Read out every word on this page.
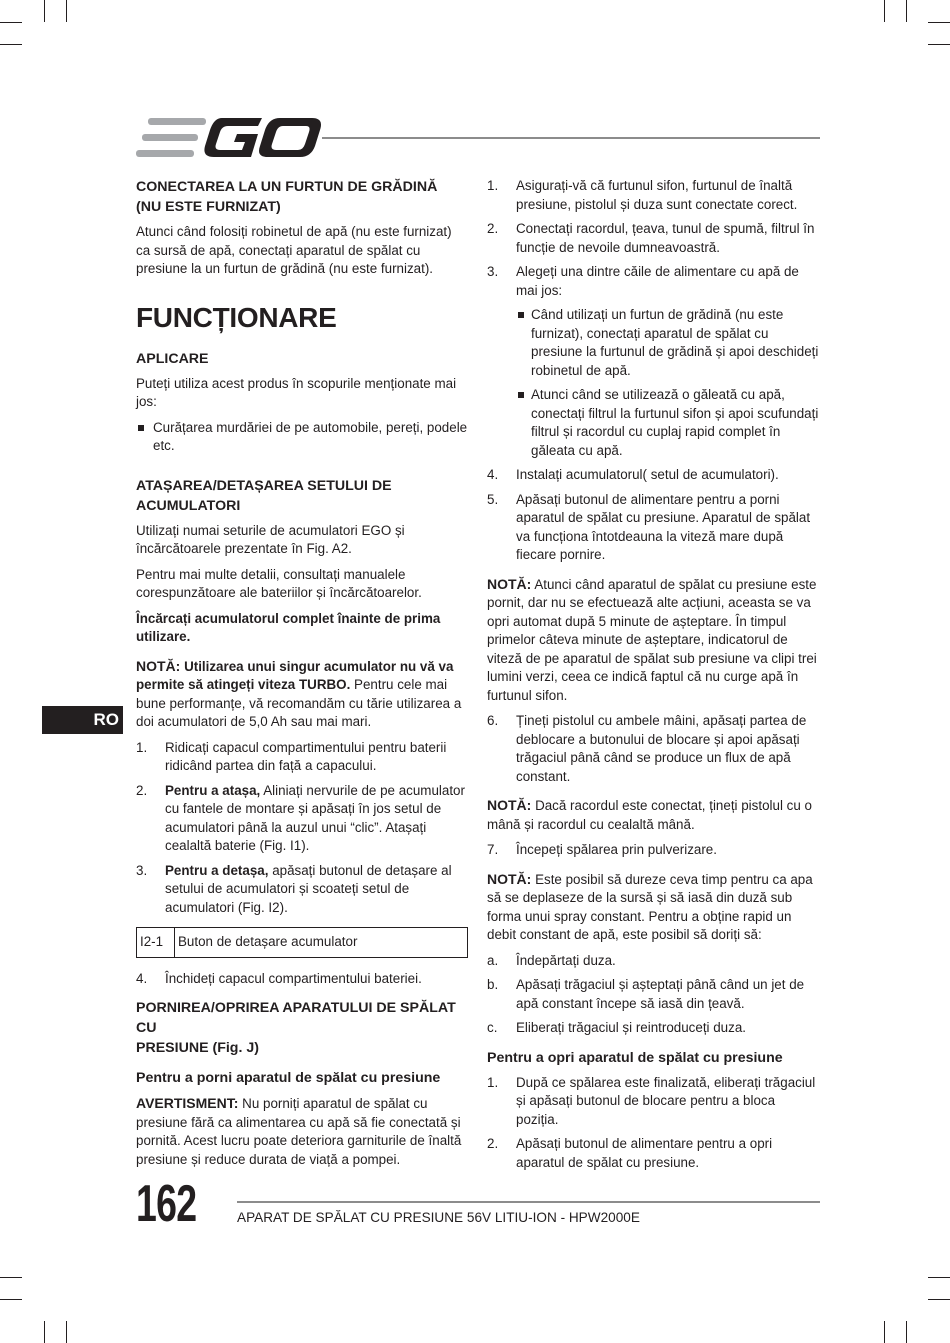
RO
CONECTAREA LA UN FURTUN DE GRĂDINĂ
(NU ESTE FURNIZAT)

Atunci când folosiți robinetul de apă (nu este furnizat) ca sursă de apă, conectați aparatul de spălat cu presiune la un furtun de grădină (nu este furnizat).

FUNCȚIONARE
APLICARE

Puteți utiliza acest produs în scopurile menționate mai jos:

Curățarea murdăriei de pe automobile, pereți, podele etc.
ATAȘAREA/DETAȘAREA SETULUI DE
ACUMULATORI

Utilizați numai seturile de acumulatori EGO și încărcătoarele prezentate în Fig. A2.

Pentru mai multe detalii, consultați manualele corespunzătoare ale bateriilor și încărcătoarelor.

Încărcați acumulatorul complet înainte de prima utilizare.

NOTĂ: Utilizarea unui singur acumulator nu vă va permite să atingeți viteza TURBO. Pentru cele mai bune performanțe, vă recomandăm cu tărie utilizarea a doi acumulatori de 5,0 Ah sau mai mari.

1. Ridicați capacul compartimentului pentru baterii ridicând partea din față a capacului.
2. Pentru a atașa, Aliniați nervurile de pe acumulator cu fantele de montare și apăsați în jos setul de acumulatori până la auzul unui “clic”. Atașați cealaltă baterie (Fig. I1).
3. Pentru a detașa, apăsați butonul de detașare al setului de acumulatori și scoateți setul de acumulatori (Fig. I2).
I2-1	Buton de detașare acumulator
4. Închideți capacul compartimentului bateriei.
PORNIREA/OPRIREA APARATULUI DE SPĂLAT CU
PRESIUNE (Fig. J)
Pentru a porni aparatul de spălat cu presiune

AVERTISMENT: Nu porniți aparatul de spălat cu presiune fără ca alimentarea cu apă să fie conectată și pornită. Acest lucru poate deteriora garniturile de înaltă presiune și reduce durata de viață a pompei.

1. Asigurați-vă că furtunul sifon, furtunul de înaltă presiune, pistolul și duza sunt conectate corect.
2. Conectați racordul, țeava, tunul de spumă, filtrul în funcție de nevoile dumneavoastră.
3. Alegeți una dintre căile de alimentare cu apă de mai jos:
Când utilizați un furtun de grădină (nu este furnizat), conectați aparatul de spălat cu presiune la furtunul de grădină și apoi deschideți robinetul de apă.
Atunci când se utilizează o găleată cu apă, conectați filtrul la furtunul sifon și apoi scufundați filtrul și racordul cu cuplaj rapid complet în găleata cu apă.
4. Instalați acumulatorul( setul de acumulatori).
5. Apăsați butonul de alimentare pentru a porni aparatul de spălat cu presiune. Aparatul de spălat va funcționa întotdeauna la viteză mare după fiecare pornire.

NOTĂ: Atunci când aparatul de spălat cu presiune este pornit, dar nu se efectuează alte acțiuni, aceasta se va opri automat după 5 minute de așteptare. În timpul primelor câteva minute de așteptare, indicatorul de viteză de pe aparatul de spălat sub presiune va clipi trei lumini verzi, ceea ce indică faptul că nu curge apă în furtunul sifon.

6. Țineți pistolul cu ambele mâini, apăsați partea de deblocare a butonului de blocare și apoi apăsați trăgaciul până când se produce un flux de apă constant.

NOTĂ: Dacă racordul este conectat, țineți pistolul cu o mână și racordul cu cealaltă mână.

7. Începeți spălarea prin pulverizare.

NOTĂ: Este posibil să dureze ceva timp pentru ca apa să se deplaseze de la sursă și să iasă din duză sub forma unui spray constant. Pentru a obține rapid un debit constant de apă, este posibil să doriți să:

a. Îndepărtați duza.
b. Apăsați trăgaciul și așteptați până când un jet de apă constant începe să iasă din țeavă.
c. Eliberați trăgaciul și reintroduceți duza.
Pentru a opri aparatul de spălat cu presiune
1. După ce spălarea este finalizată, eliberați trăgaciul și apăsați butonul de blocare pentru a bloca poziția.
2. Apăsați butonul de alimentare pentru a opri aparatul de spălat cu presiune.
162	APARAT DE SPĂLAT CU PRESIUNE 56V LITIU-ION - HPW2000E
